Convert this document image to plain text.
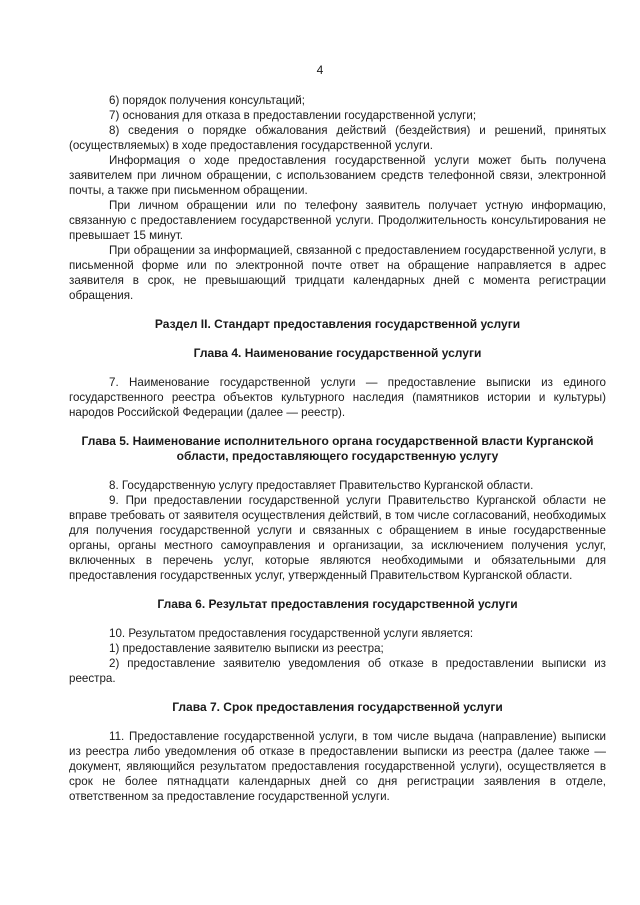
4

6) порядок получения консультаций;

7) основания для отказа в предоставлении государственной услуги;

8) сведения о порядке обжалования действий (бездействия) и решений, принятых (осуществляемых) в ходе предоставления государственной услуги.

Информация о ходе предоставления государственной услуги может быть получена заявителем при личном обращении, с использованием средств телефонной связи, электронной почты, а также при письменном обращении.

При личном обращении или по телефону заявитель получает устную информацию, связанную с предоставлением государственной услуги. Продолжительность консультирования не превышает 15 минут.

При обращении за информацией, связанной с предоставлением государственной услуги, в письменной форме или по электронной почте ответ на обращение направляется в адрес заявителя в срок, не превышающий тридцати календарных дней с момента регистрации обращения.

Раздел II. Стандарт предоставления государственной услуги
Глава 4. Наименование государственной услуги

7. Наименование государственной услуги — предоставление выписки из единого государственного реестра объектов культурного наследия (памятников истории и культуры) народов Российской Федерации (далее — реестр).

Глава 5. Наименование исполнительного органа государственной власти Курганской области, предоставляющего государственную услугу

8. Государственную услугу предоставляет Правительство Курганской области.

9. При предоставлении государственной услуги Правительство Курганской области не вправе требовать от заявителя осуществления действий, в том числе согласований, необходимых для получения государственной услуги и связанных с обращением в иные государственные органы, органы местного самоуправления и организации, за исключением получения услуг, включенных в перечень услуг, которые являются необходимыми и обязательными для предоставления государственных услуг, утвержденный Правительством Курганской области.

Глава 6. Результат предоставления государственной услуги

10. Результатом предоставления государственной услуги является:

1) предоставление заявителю выписки из реестра;

2) предоставление заявителю уведомления об отказе в предоставлении выписки из реестра.

Глава 7. Срок предоставления государственной услуги

11. Предоставление государственной услуги, в том числе выдача (направление) выписки из реестра либо уведомления об отказе в предоставлении выписки из реестра (далее также — документ, являющийся результатом предоставления государственной услуги), осуществляется в срок не более пятнадцати календарных дней со дня регистрации заявления в отделе, ответственном за предоставление государственной услуги.
